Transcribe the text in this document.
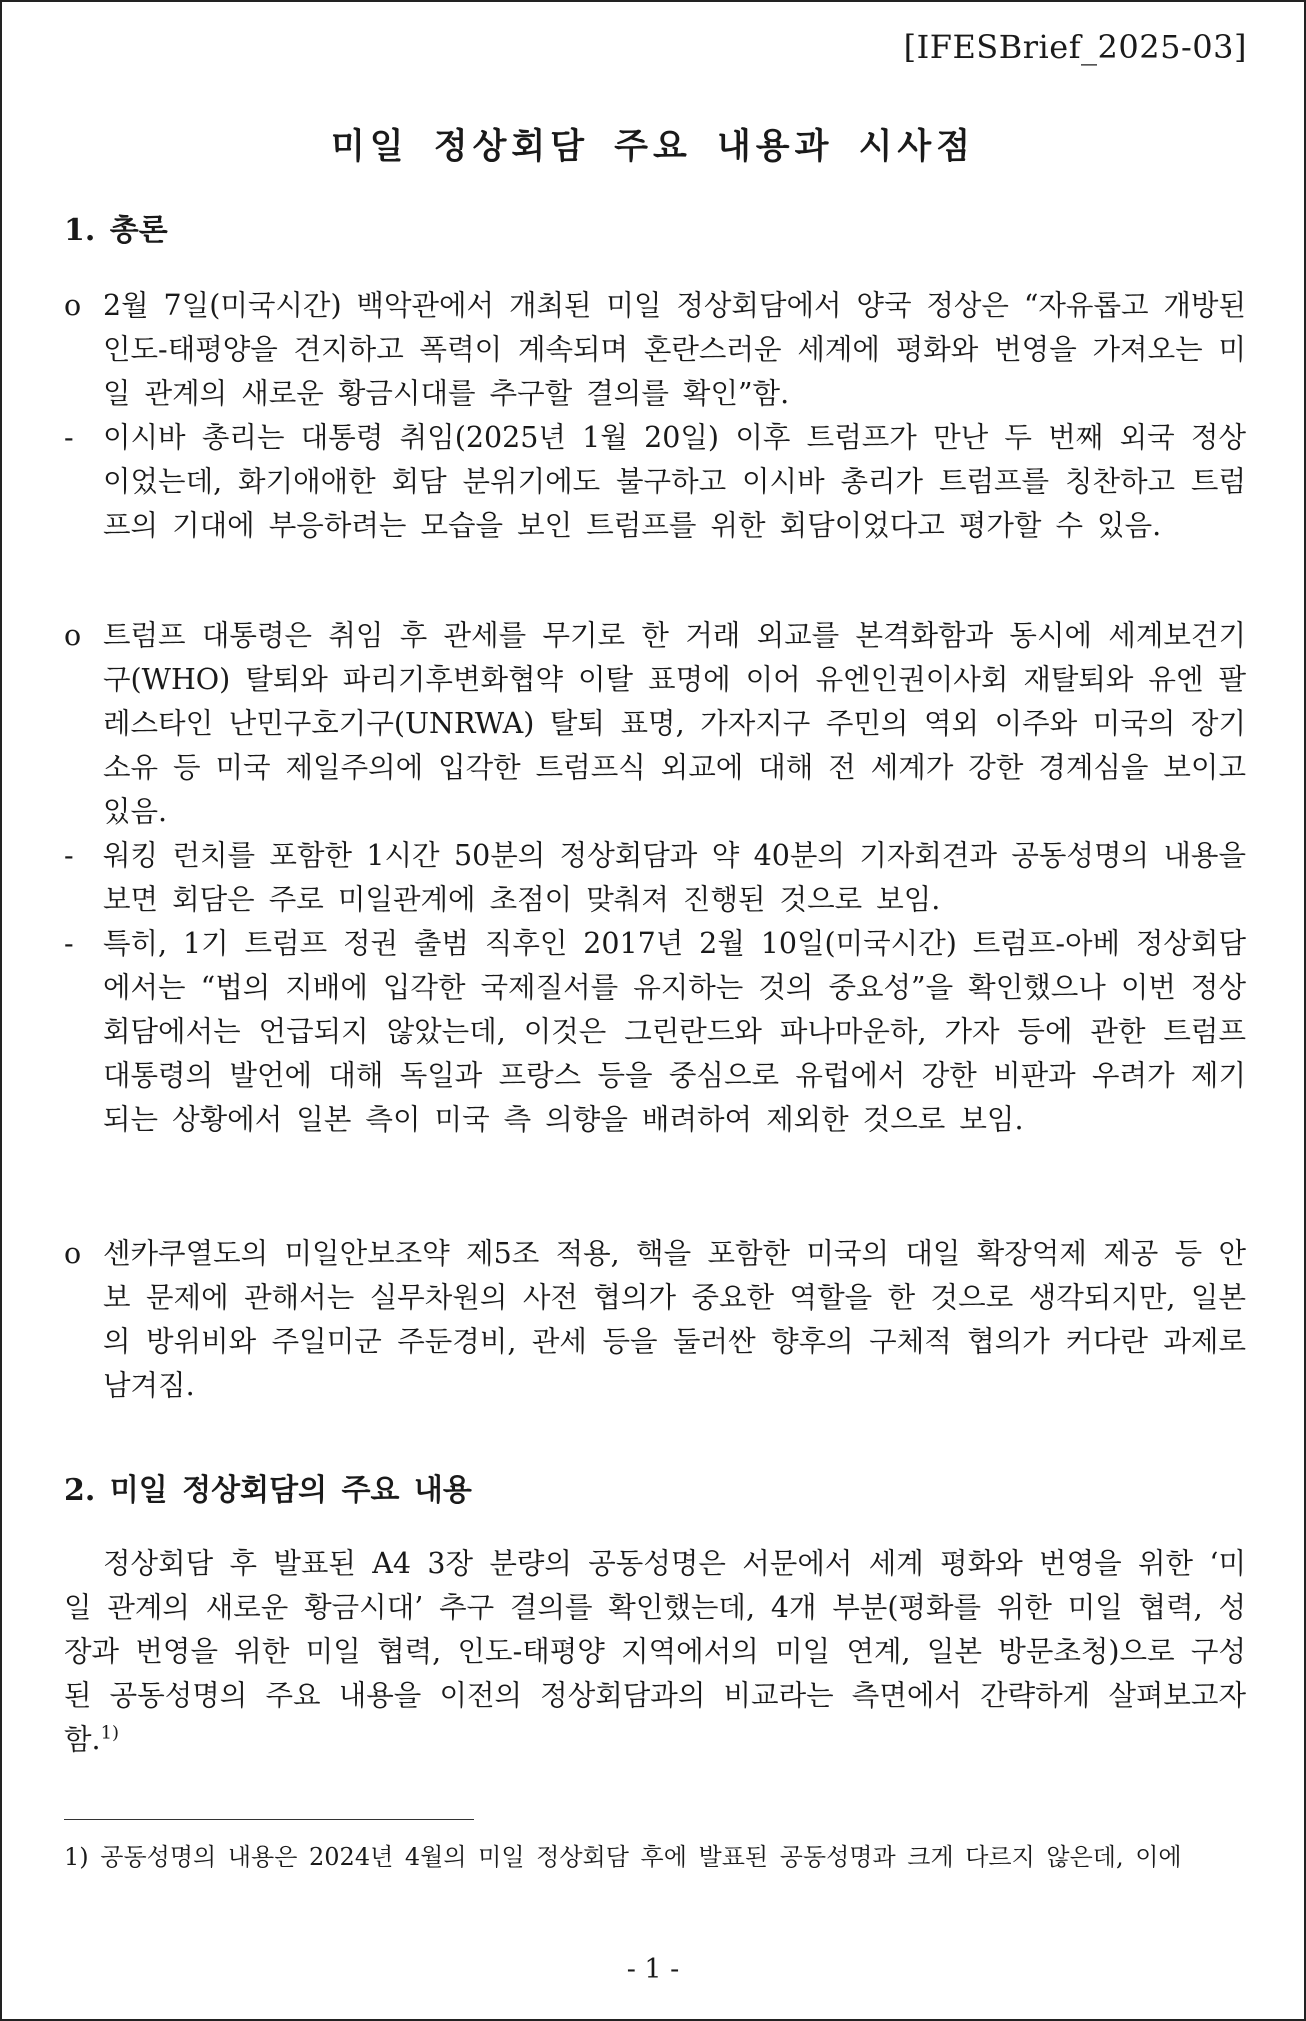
[IFESBrief_2025-03]
미일 정상회담 주요 내용과 시사점
1. 총론

o 2월 7일(미국시간) 백악관에서 개최된 미일 정상회담에서 양국 정상은 “자유롭고 개방된 인도-태평양을 견지하고 폭력이 계속되며 혼란스러운 세계에 평화와 번영을 가져오는 미일 관계의 새로운 황금시대를 추구할 결의를 확인”함.

- 이시바 총리는 대통령 취임(2025년 1월 20일) 이후 트럼프가 만난 두 번째 외국 정상이었는데, 화기애애한 회담 분위기에도 불구하고 이시바 총리가 트럼프를 칭찬하고 트럼프의 기대에 부응하려는 모습을 보인 트럼프를 위한 회담이었다고 평가할 수 있음.

o 트럼프 대통령은 취임 후 관세를 무기로 한 거래 외교를 본격화함과 동시에 세계보건기구(WHO) 탈퇴와 파리기후변화협약 이탈 표명에 이어 유엔인권이사회 재탈퇴와 유엔 팔레스타인 난민구호기구(UNRWA) 탈퇴 표명, 가자지구 주민의 역외 이주와 미국의 장기 소유 등 미국 제일주의에 입각한 트럼프식 외교에 대해 전 세계가 강한 경계심을 보이고 있음.

- 워킹 런치를 포함한 1시간 50분의 정상회담과 약 40분의 기자회견과 공동성명의 내용을 보면 회담은 주로 미일관계에 초점이 맞춰져 진행된 것으로 보임.

- 특히, 1기 트럼프 정권 출범 직후인 2017년 2월 10일(미국시간) 트럼프-아베 정상회담에서는 “법의 지배에 입각한 국제질서를 유지하는 것의 중요성”을 확인했으나 이번 정상회담에서는 언급되지 않았는데, 이것은 그린란드와 파나마운하, 가자 등에 관한 트럼프 대통령의 발언에 대해 독일과 프랑스 등을 중심으로 유럽에서 강한 비판과 우려가 제기되는 상황에서 일본 측이 미국 측 의향을 배려하여 제외한 것으로 보임.

o 센카쿠열도의 미일안보조약 제5조 적용, 핵을 포함한 미국의 대일 확장억제 제공 등 안보 문제에 관해서는 실무차원의 사전 협의가 중요한 역할을 한 것으로 생각되지만, 일본의 방위비와 주일미군 주둔경비, 관세 등을 둘러싼 향후의 구체적 협의가 커다란 과제로 남겨짐.

2. 미일 정상회담의 주요 내용

정상회담 후 발표된 A4 3장 분량의 공동성명은 서문에서 세계 평화와 번영을 위한 ‘미일 관계의 새로운 황금시대’ 추구 결의를 확인했는데, 4개 부분(평화를 위한 미일 협력, 성장과 번영을 위한 미일 협력, 인도-태평양 지역에서의 미일 연계, 일본 방문초청)으로 구성된 공동성명의 주요 내용을 이전의 정상회담과의 비교라는 측면에서 간략하게 살펴보고자 함.$^{1)}$

1) 공동성명의 내용은 2024년 4월의 미일 정상회담 후에 발표된 공동성명과 크게 다르지 않은데, 이에
- 1 -
